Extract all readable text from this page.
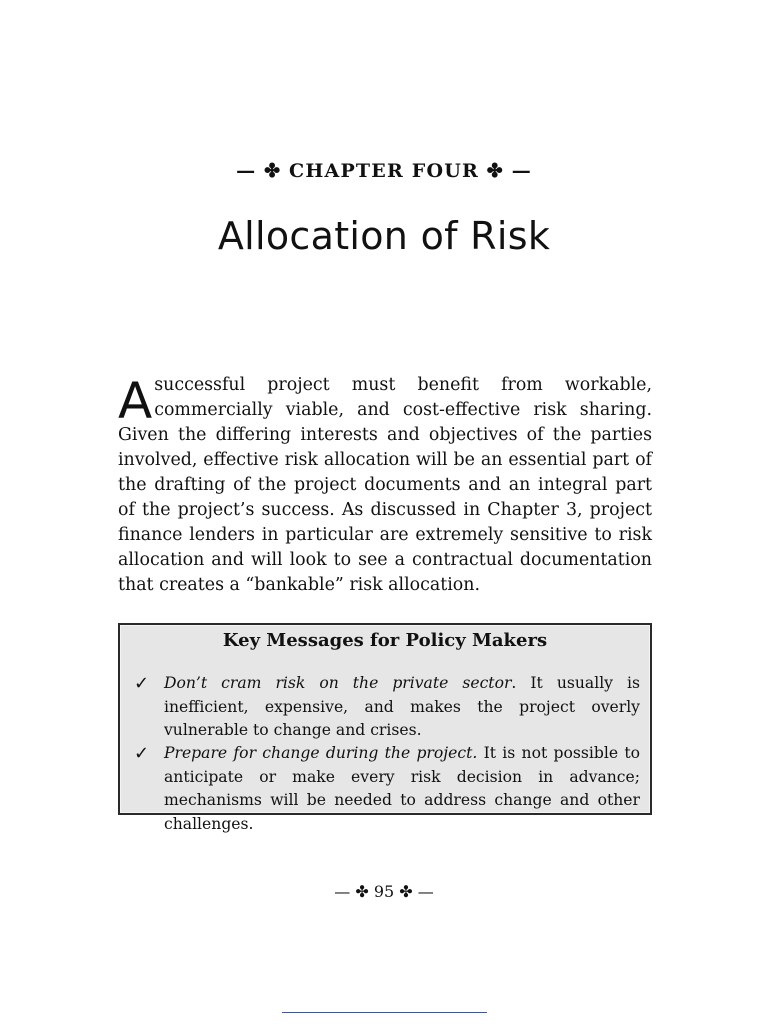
— ✤ CHAPTER FOUR ✤ —
Allocation of Risk

Asuccessful project must benefit from workable, commercially viable, and cost-effective risk sharing. Given the differing interests and objectives of the parties involved, effective risk allocation will be an essential part of the drafting of the project documents and an integral part of the project’s success. As discussed in Chapter 3, project finance lenders in particular are extremely sensitive to risk allocation and will look to see a contractual documentation that creates a “bankable” risk allocation.

Key Messages for Policy Makers
✓ Don’t cram risk on the private sector. It usually is inefficient, expensive, and makes the project overly vulnerable to change and crises.
✓ Prepare for change during the project. It is not possible to anticipate or make every risk decision in advance; mechanisms will be needed to address change and other challenges.
— ✤ 95 ✤ —
